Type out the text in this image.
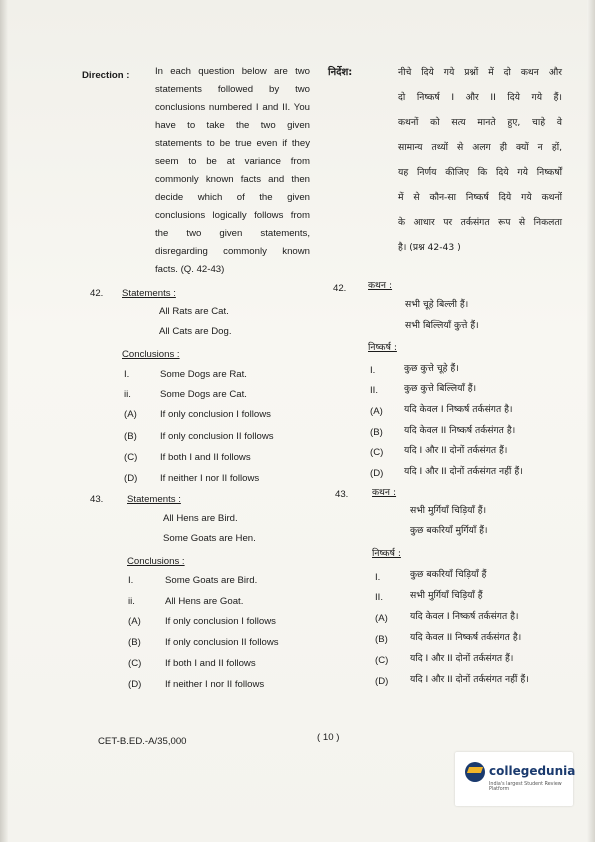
Direction :	In each question below are two
statements followed by two
conclusions numbered I and II. You
have to take the two given
statements to be true even if they
seem to be at variance from
commonly known facts and then
decide which of the given
conclusions logically follows from
the two given statements,
disregarding commonly known
facts. (Q. 42-43)
42. Statements :
All Rats are Cat.
All Cats are Dog.
Conclusions :
I.	Some Dogs are Rat.
ii.	Some Dogs are Cat.
(A) If only conclusion I follows
(B) If only conclusion II follows
(C) If both I and II follows
(D) If neither I nor II follows
43. Statements :
All Hens are Bird.
Some Goats are Hen.
Conclusions :
I.	Some Goats are Bird.
ii.	All Hens are Goat.
(A)	If only conclusion I follows
(B)	If only conclusion II follows
(C) If both I and II follows
(D) If neither I nor II follows
निर्देश:	नीचे दिये गये प्रश्नों में दो कथन और
दो निष्कर्ष I और II दिये गये हैं।
कथनों को सत्य मानते हुए, चाहे वे
सामान्य तथ्यों से अलग ही क्यों न हों,
यह निर्णय कीजिए कि दिये गये निष्कर्षों
में से कौन-सा निष्कर्ष दिये गये कथनों
के आधार पर तर्कसंगत रूप से निकलता
है। (प्रश्न 42-43 )
42. कथन :
सभी चूहे बिल्ली हैं।
सभी बिल्लियाँ कुत्ते हैं।
निष्कर्ष :
I.	कुछ कुत्ते चूहे हैं।
II.	कुछ कुत्ते बिल्लियाँ हैं।
(A) यदि केवल I निष्कर्ष तर्कसंगत है।
(B) यदि केवल II निष्कर्ष तर्कसंगत है।
(C) यदि I और II दोनों तर्कसंगत हैं।
(D) यदि I और II दोनों तर्कसंगत नहीं हैं।
43.	कथन :
सभी मुर्गियाँ चिड़ियाँ हैं।
कुछ बकरियाँ मुर्गियाँ हैं।
निष्कर्ष :
I.	कुछ बकरियाँ चिड़ियाँ हैं
II.	सभी मुर्गियाँ चिड़ियाँ हैं
(A) यदि केवल I निष्कर्ष तर्कसंगत है।
(B) यदि केवल II निष्कर्ष तर्कसंगत है।
(C) यदि I और II दोनों तर्कसंगत हैं।
(D) यदि I और II दोनों तर्कसंगत नहीं हैं।
CET-B.ED.-A/35,000	( 10 )
collegedunia
India's largest Student Review Platform
